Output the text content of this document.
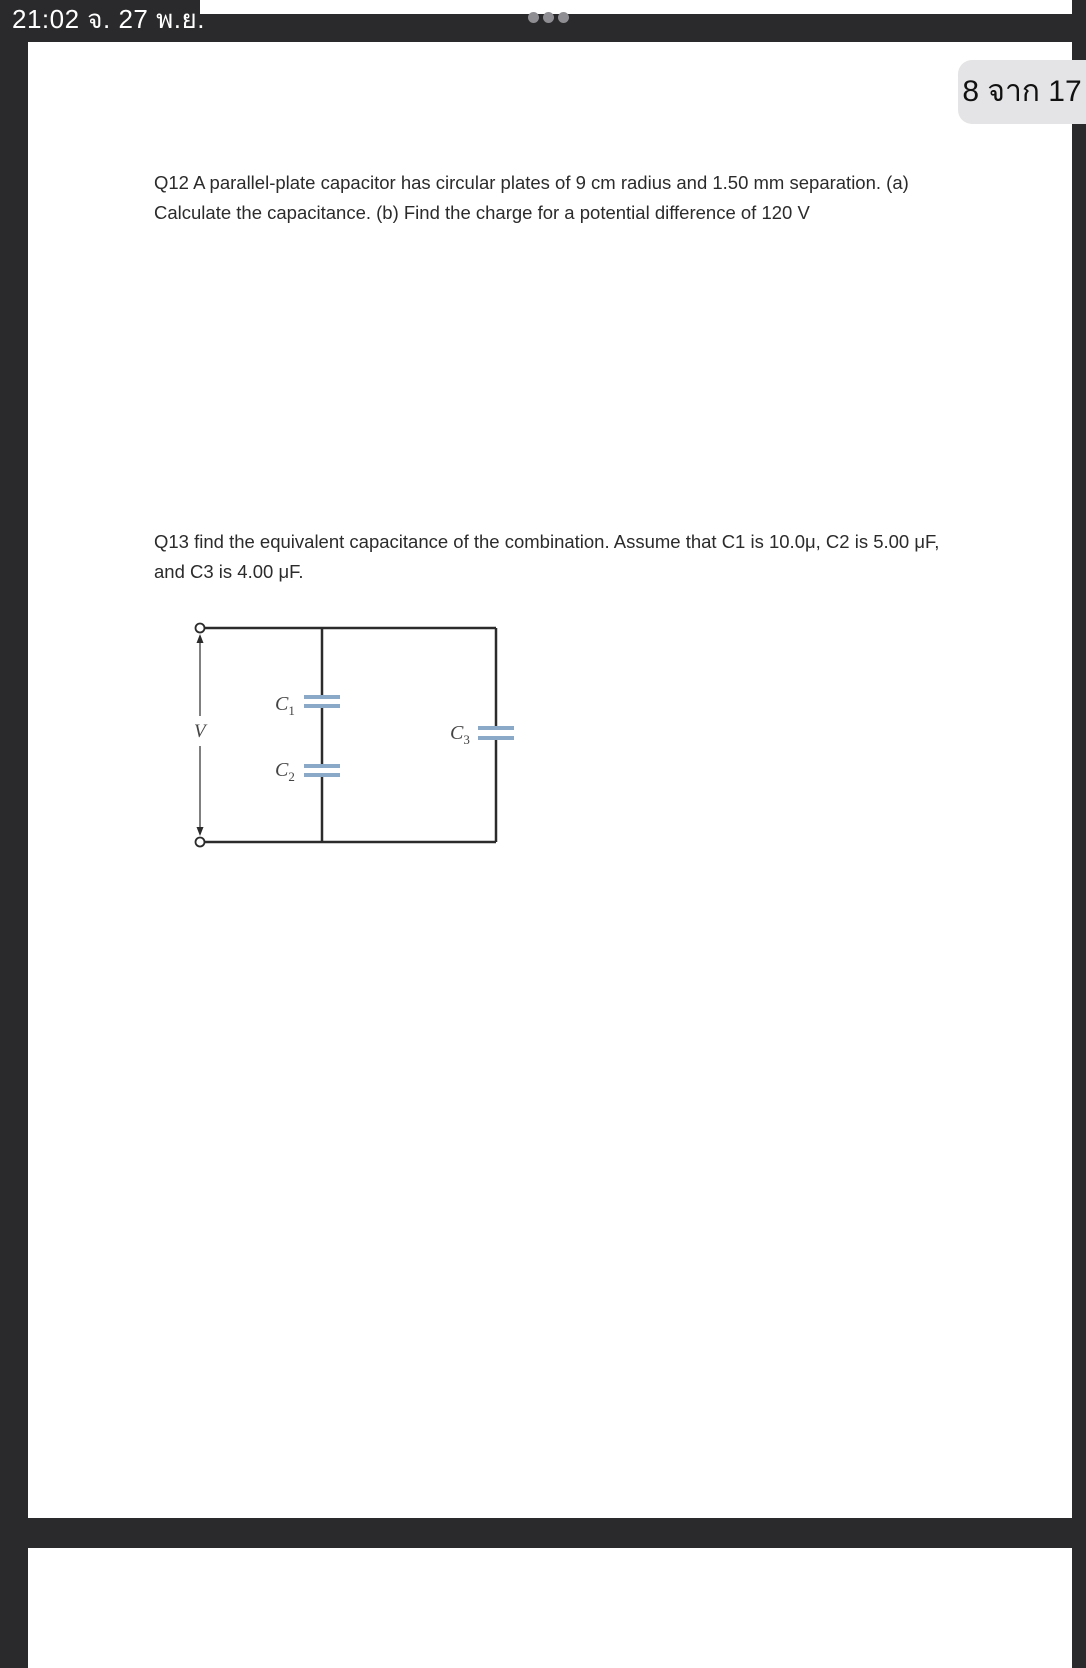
21:02 จ. 27 พ.ย.
8 จาก 17
Q12 A parallel-plate capacitor has circular plates of 9 cm radius and 1.50 mm separation. (a) Calculate the capacitance. (b) Find the charge for a potential difference of 120 V
Q13 find the equivalent capacitance of the combination. Assume that C1 is 10.0μ, C2 is 5.00 μF, and C3 is 4.00 μF.
V
$C_1$
$C_2$
$C_3$
